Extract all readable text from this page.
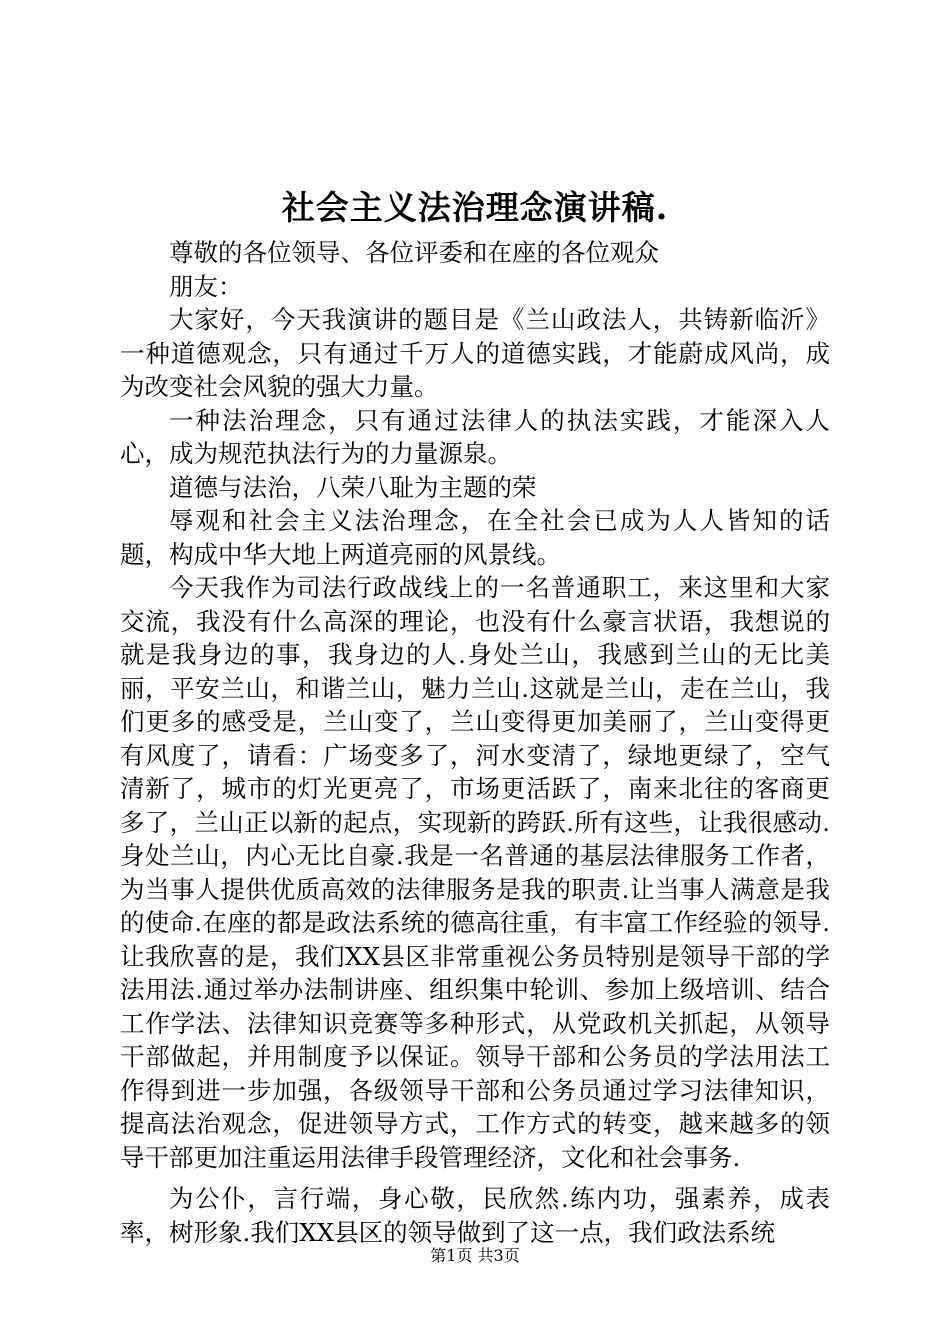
社会主义法治理念演讲稿.

尊敬的各位领导、各位评委和在座的各位观众

朋友：

大家好，今天我演讲的题目是《兰山政法人，共铸新临沂》一种道德观念，只有通过千万人的道德实践，才能蔚成风尚，成为改变社会风貌的强大力量。

一种法治理念，只有通过法律人的执法实践，才能深入人心，成为规范执法行为的力量源泉。

道德与法治，八荣八耻为主题的荣

辱观和社会主义法治理念，在全社会已成为人人皆知的话题，构成中华大地上两道亮丽的风景线。

今天我作为司法行政战线上的一名普通职工，来这里和大家交流，我没有什么高深的理论，也没有什么豪言状语，我想说的就是我身边的事，我身边的人.身处兰山，我感到兰山的无比美丽，平安兰山，和谐兰山，魅力兰山.这就是兰山，走在兰山，我们更多的感受是，兰山变了，兰山变得更加美丽了，兰山变得更有风度了，请看：广场变多了，河水变清了，绿地更绿了，空气清新了，城市的灯光更亮了，市场更活跃了，南来北往的客商更多了，兰山正以新的起点，实现新的跨跃.所有这些，让我很感动.身处兰山，内心无比自豪.我是一名普通的基层法律服务工作者，为当事人提供优质高效的法律服务是我的职责.让当事人满意是我的使命.在座的都是政法系统的德高往重，有丰富工作经验的领导.让我欣喜的是，我们XX县区非常重视公务员特别是领导干部的学法用法.通过举办法制讲座、组织集中轮训、参加上级培训、结合工作学法、法律知识竞赛等多种形式，从党政机关抓起，从领导干部做起，并用制度予以保证。领导干部和公务员的学法用法工作得到进一步加强，各级领导干部和公务员通过学习法律知识，提高法治观念，促进领导方式，工作方式的转变，越来越多的领导干部更加注重运用法律手段管理经济，文化和社会事务.

为公仆，言行端，身心敬，民欣然.练内功，强素养，成表率，树形象.我们XX县区的领导做到了这一点，我们政法系统

第1页 共3页
